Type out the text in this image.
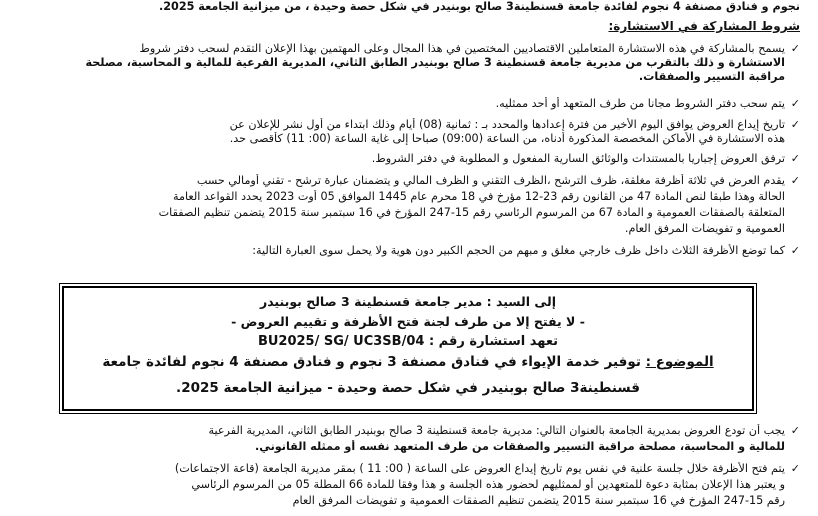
نجوم و فنادق مصنفة 4 نجوم لفائدة جامعة قسنطينة3 صالح بوبنيدر في شكل حصة وحيدة ، من ميزانية الجامعة 2025.
شروط المشاركة في الاستشارة:
✓يسمح بالمشاركة في هذه الاستشارة المتعاملين الاقتصاديين المختصين في هذا المجال وعلى المهتمين بهذا الإعلان التقدم لسحب دفتر شروط
الاستشارة و ذلك بالتقرب من مديرية جامعة قسنطينة 3 صالح بوبنيدر الطابق الثاني، المديرية الفرعية للمالية و المحاسبة، مصلحة
مراقبة التسيير والصفقات.
✓يتم سحب دفتر الشروط مجانا من طرف المتعهد أو أحد ممثليه.
✓تاريخ إيداع العروض يوافق اليوم الأخير من فترة إعدادها والمحدد بـ : ثمانية (08) أيام وذلك ابتداء من أول نشر للإعلان عن
هذه الاستشارة في الأماكن المخصصة المذكورة أدناه، من الساعة (09:00) صباحا إلى غاية الساعة (00: 11) كأقصى حد.
✓ترفق العروض إجباريا بالمستندات والوثائق السارية المفعول و المطلوبة في دفتر الشروط.
✓يقدم العرض في ثلاثة أظرفة مغلقة، ظرف الترشح ،الظرف التقني و الظرف المالي و يتضمنان عبارة ترشح - تقني أومالي حسب
الحالة وهذا طبقا لنص المادة 47 من القانون رقم 23-12 مؤرخ في 18 محرم عام 1445 الموافق 05 أوت 2023 يحدد القواعد العامة
المتعلقة بالصفقات العمومية و المادة 67 من المرسوم الرئاسي رقم 15-247 المؤرخ في 16 سبتمبر سنة 2015 يتضمن تنظيم الصفقات
العمومية و تفويضات المرفق العام.
✓كما توضع الأظرفة الثلاث داخل ظرف خارجي مغلق و مبهم من الحجم الكبير دون هوية ولا يحمل سوى العبارة التالية:
إلى السيد : مدير جامعة قسنطينة 3 صالح بوبنيدر
- لا يفتح إلا من طرف لجنة فتح الأظرفة و تقييم العروض -
BU2025/ SG/ UC3SB/04 تعهد استشارة رقم :
الموضوع : توفير خدمة الإيواء في فنادق مصنفة 3 نجوم و فنادق مصنفة 4 نجوم لفائدة جامعة
قسنطينة3 صالح بوبنيدر في شكل حصة وحيدة - ميزانية الجامعة 2025.
✓يجب أن تودع العروض بمديرية الجامعة بالعنوان التالي: مديرية جامعة قسنطينة 3 صالح بوبنيدر الطابق الثاني، المديرية الفرعية
للمالية و المحاسبة، مصلحة مراقبة التسيير والصفقات من طرف المتعهد نفسه أو ممثله القانوني.
✓يتم فتح الأظرفة خلال جلسة علنية في نفس يوم تاريخ إيداع العروض على الساعة ( 00: 11 ) بمقر مديرية الجامعة (قاعة الاجتماعات)
و يعتبر هذا الإعلان بمثابة دعوة للمتعهدين أو لممثليهم لحضور هذه الجلسة و هذا وفقا للمادة 66 المطلة 05 من المرسوم الرئاسي
رقم 15-247 المؤرخ في 16 سبتمبر سنة 2015 يتضمن تنظيم الصفقات العمومية و تفويضات المرفق العام
